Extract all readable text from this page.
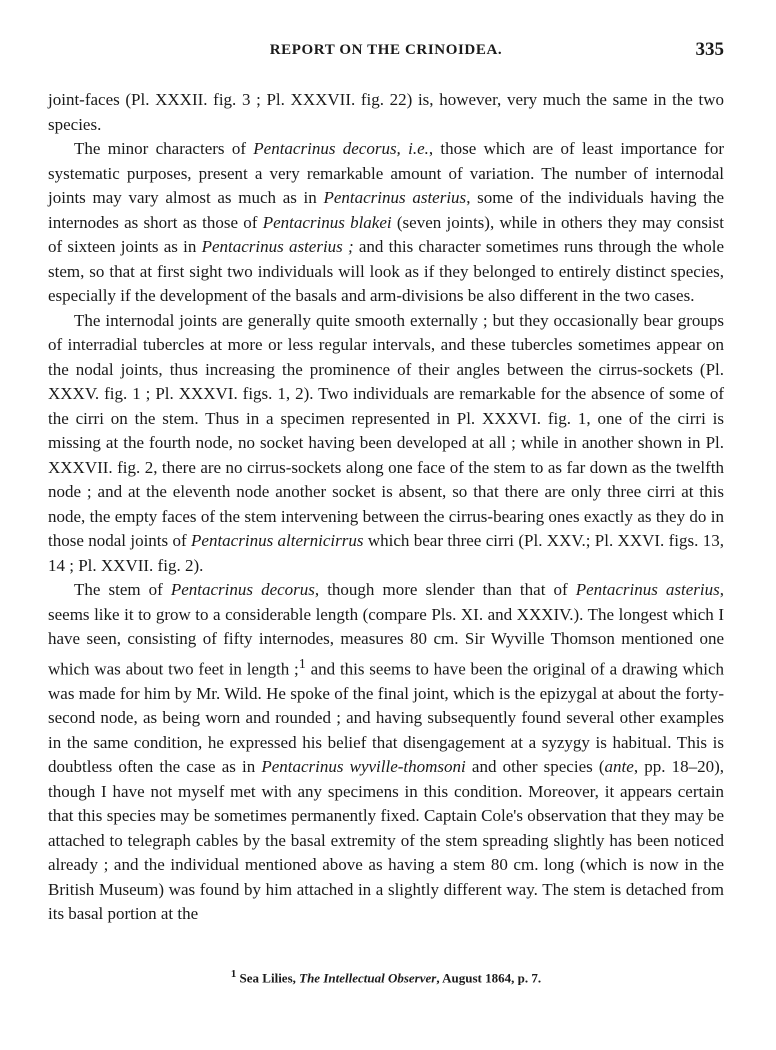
REPORT ON THE CRINOIDEA.	335

joint-faces (Pl. XXXII. fig. 3 ; Pl. XXXVII. fig. 22) is, however, very much the same in the two species.

The minor characters of Pentacrinus decorus, i.e., those which are of least importance for systematic purposes, present a very remarkable amount of variation. The number of internodal joints may vary almost as much as in Pentacrinus asterius, some of the individuals having the internodes as short as those of Pentacrinus blakei (seven joints), while in others they may consist of sixteen joints as in Pentacrinus asterius ; and this character sometimes runs through the whole stem, so that at first sight two individuals will look as if they belonged to entirely distinct species, especially if the development of the basals and arm-divisions be also different in the two cases.

The internodal joints are generally quite smooth externally ; but they occasionally bear groups of interradial tubercles at more or less regular intervals, and these tubercles sometimes appear on the nodal joints, thus increasing the prominence of their angles between the cirrus-sockets (Pl. XXXV. fig. 1 ; Pl. XXXVI. figs. 1, 2). Two individuals are remarkable for the absence of some of the cirri on the stem. Thus in a specimen represented in Pl. XXXVI. fig. 1, one of the cirri is missing at the fourth node, no socket having been developed at all ; while in another shown in Pl. XXXVII. fig. 2, there are no cirrus-sockets along one face of the stem to as far down as the twelfth node ; and at the eleventh node another socket is absent, so that there are only three cirri at this node, the empty faces of the stem intervening between the cirrus-bearing ones exactly as they do in those nodal joints of Pentacrinus alternicirrus which bear three cirri (Pl. XXV.; Pl. XXVI. figs. 13, 14 ; Pl. XXVII. fig. 2).

The stem of Pentacrinus decorus, though more slender than that of Pentacrinus asterius, seems like it to grow to a considerable length (compare Pls. XI. and XXXIV.). The longest which I have seen, consisting of fifty internodes, measures 80 cm. Sir Wyville Thomson mentioned one which was about two feet in length ;$^1$ and this seems to have been the original of a drawing which was made for him by Mr. Wild. He spoke of the final joint, which is the epizygal at about the forty-second node, as being worn and rounded ; and having subsequently found several other examples in the same condition, he expressed his belief that disengagement at a syzygy is habitual. This is doubtless often the case as in Pentacrinus wyville-thomsoni and other species (ante, pp. 18–20), though I have not myself met with any specimens in this condition. Moreover, it appears certain that this species may be sometimes permanently fixed. Captain Cole's observation that they may be attached to telegraph cables by the basal extremity of the stem spreading slightly has been noticed already ; and the individual mentioned above as having a stem 80 cm. long (which is now in the British Museum) was found by him attached in a slightly different way. The stem is detached from its basal portion at the

$^1$ Sea Lilies, The Intellectual Observer, August 1864, p. 7.
